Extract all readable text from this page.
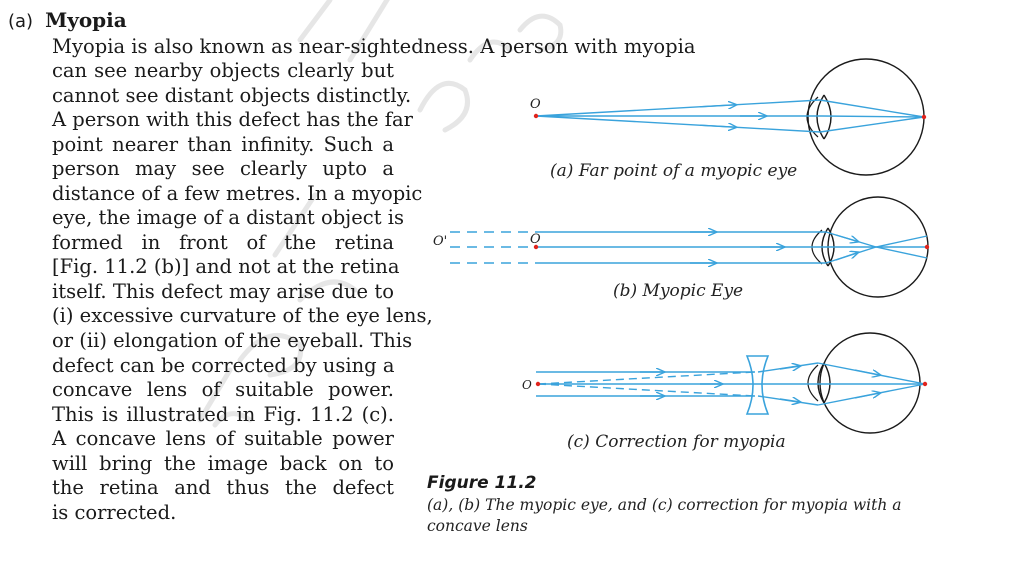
(a) Myopia
Myopia is also known as near-sightedness. A person with myopia
can see nearby objects clearly but
cannot see distant objects distinctly.
A person with this defect has the far
point nearer than infinity. Such a
person may see clearly upto a
distance of a few metres. In a myopic
eye, the image of a distant object is
formed in front of the retina
[Fig. 11.2 (b)] and not at the retina
itself. This defect may arise due to
(i) excessive curvature of the eye lens,
or (ii) elongation of the eyeball. This
defect can be corrected by using a
concave lens of suitable power.
This is illustrated in Fig. 11.2 (c).
A concave lens of suitable power
will bring the image back on to
the retina and thus the defect
is corrected.
O
O'	O
O
(a) Far point of a myopic eye
(b) Myopic Eye
(c) Correction for myopia
Figure 11.2
(a), (b) The myopic eye, and (c) correction for myopia with a
concave lens
